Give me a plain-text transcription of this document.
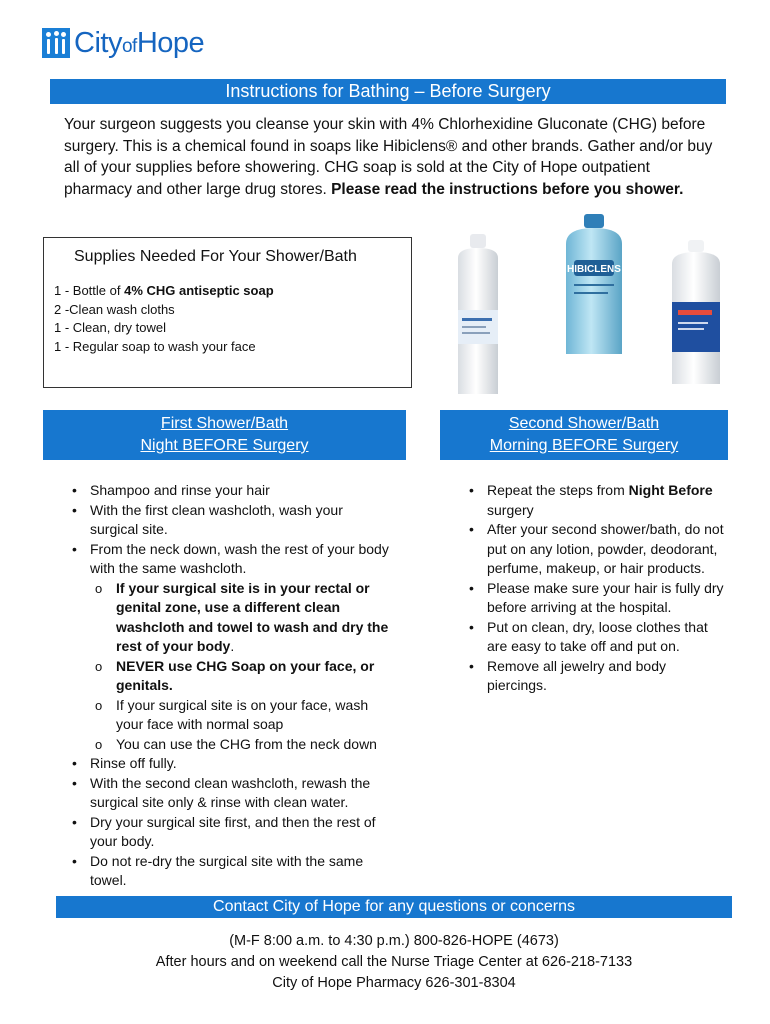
CityofHope
Instructions for Bathing – Before Surgery
Your surgeon suggests you cleanse your skin with 4% Chlorhexidine Gluconate (CHG) before surgery. This is a chemical found in soaps like Hibiclens® and other brands. Gather and/or buy all of your supplies before showering. CHG soap is sold at the City of Hope outpatient pharmacy and other large drug stores. Please read the instructions before you shower.
Supplies Needed For Your Shower/Bath
1 - Bottle of 4% CHG antiseptic soap
2 -Clean wash cloths
1 - Clean, dry towel
1 - Regular soap to wash your face
HIBICLENS
First Shower/Bath
Night BEFORE Surgery
Second Shower/Bath
Morning BEFORE Surgery
• Shampoo and rinse your hair
• With the first clean washcloth, wash your surgical site.
• From the neck down, wash the rest of your body with the same washcloth.
o If your surgical site is in your rectal or genital zone, use a different clean washcloth and towel to wash and dry the rest of your body.
o NEVER use CHG Soap on your face, or genitals.
o If your surgical site is on your face, wash your face with normal soap
o You can use the CHG from the neck down
• Rinse off fully.
• With the second clean washcloth, rewash the surgical site only & rinse with clean water.
• Dry your surgical site first, and then the rest of your body.
• Do not re-dry the surgical site with the same towel.
• Repeat the steps from Night Before surgery
• After your second shower/bath, do not put on any lotion, powder, deodorant, perfume, makeup, or hair products.
• Please make sure your hair is fully dry before arriving at the hospital.
• Put on clean, dry, loose clothes that are easy to take off and put on.
• Remove all jewelry and body piercings.
Contact City of Hope for any questions or concerns
(M-F 8:00 a.m. to 4:30 p.m.) 800-826-HOPE (4673)
After hours and on weekend call the Nurse Triage Center at 626-218-7133
City of Hope Pharmacy 626-301-8304
